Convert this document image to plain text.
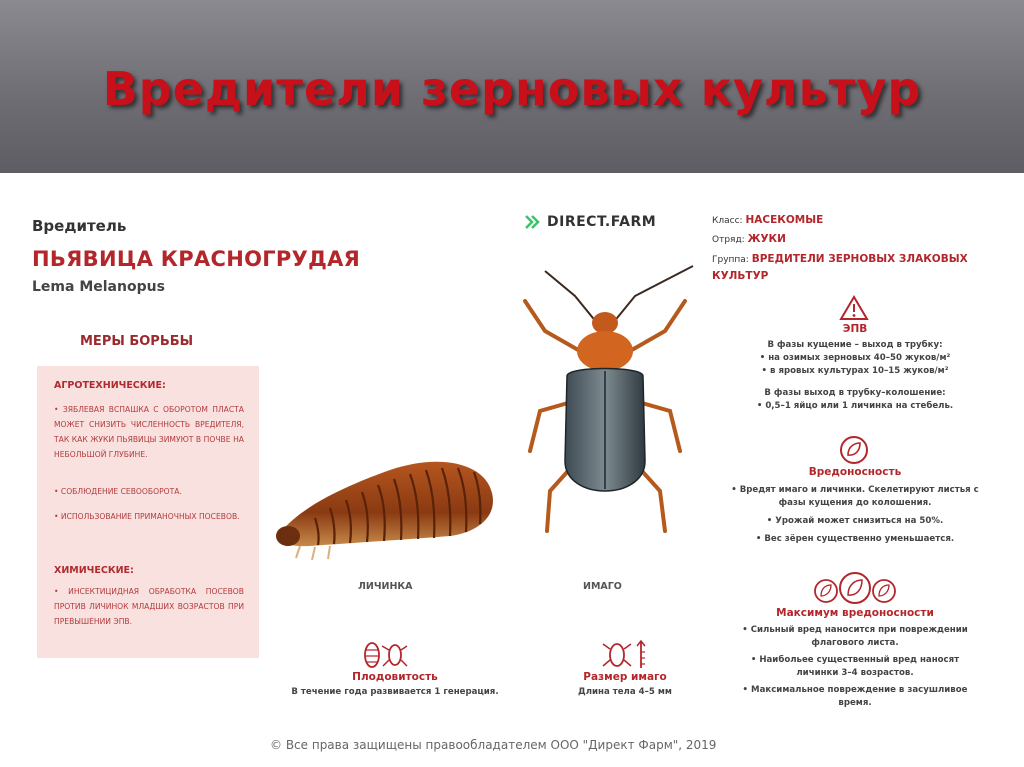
Вредители зерновых культур
Вредитель
ПЬЯВИЦА КРАСНОГРУДАЯ
Lema Melanopus
МЕРЫ БОРЬБЫ
АГРОТЕХНИЧЕСКИЕ:
• ЗЯБЛЕВАЯ ВСПАШКА С ОБОРОТОМ ПЛАСТА МОЖЕТ СНИЗИТЬ ЧИСЛЕННОСТЬ ВРЕДИТЕЛЯ, ТАК КАК ЖУКИ ПЬЯВИЦЫ ЗИМУЮТ В ПОЧВЕ НА НЕБОЛЬШОЙ ГЛУБИНЕ.
• СОБЛЮДЕНИЕ СЕВООБОРОТА.
• ИСПОЛЬЗОВАНИЕ ПРИМАНОЧНЫХ ПОСЕВОВ.
ХИМИЧЕСКИЕ:
• ИНСЕКТИЦИДНАЯ ОБРАБОТКА ПОСЕВОВ ПРОТИВ ЛИЧИНОК МЛАДШИХ ВОЗРАСТОВ ПРИ ПРЕВЫШЕНИИ ЭПВ.
ЛИЧИНКА	ИМАГО
DIRECT.FARM	Класс: НАСЕКОМЫЕ
Отряд: ЖУКИ
Группа: ВРЕДИТЕЛИ ЗЕРНОВЫХ ЗЛАКОВЫХ КУЛЬТУР
ЭПВ
В фазы кущение – выход в трубку:
• на озимых зерновых 40–50 жуков/м²
• в яровых культурах 10–15 жуков/м²
В фазы выход в трубку–колошение:
• 0,5–1 яйцо или 1 личинка на стебель.
Вредоносность
• Вредят имаго и личинки. Скелетируют листья с фазы кущения до колошения.
• Урожай может снизиться на 50%.
• Вес зёрен существенно уменьшается.
Максимум вредоносности
• Сильный вред наносится при повреждении флагового листа.
• Наибольее существенный вред наносят личинки 3–4 возрастов.
• Максимальное повреждение в засушливое время.
Плодовитость
В течение года развивается 1 генерация.
Размер имаго
Длина тела 4–5 мм
© Все права защищены правообладателем ООО "Директ Фарм", 2019
